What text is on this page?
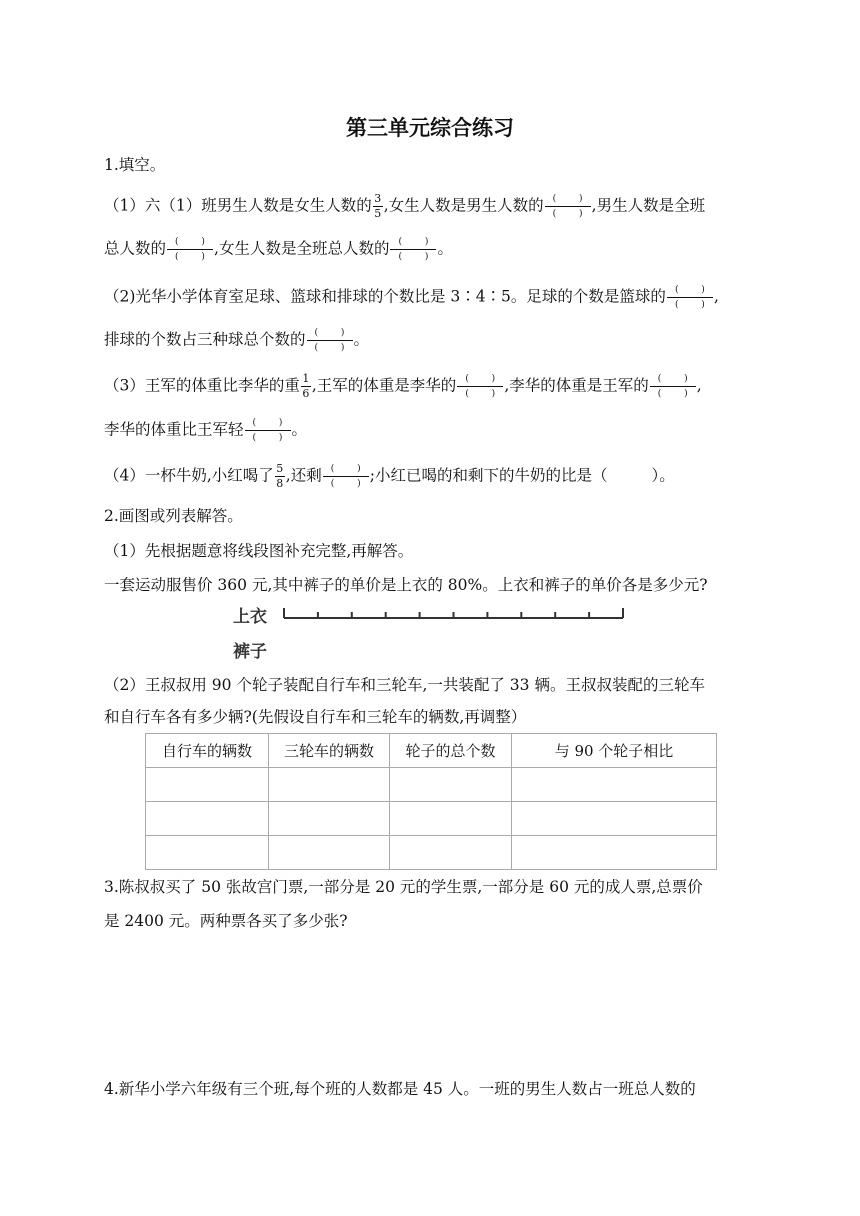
第三单元综合练习
1.填空。
（1）六（1）班男生人数是女生人数的 $\frac{3}{5}$ ,女生人数是男生人数的 $\frac{( )}{( )}$ ,男生人数是全班
总人数的 $\frac{( )}{( )}$ ,女生人数是全班总人数的 $\frac{( )}{( )}$ 。
（2)光华小学体育室足球、篮球和排球的个数比是 3∶4∶5。足球的个数是篮球的 $\frac{( )}{( )}$ ,
排球的个数占三种球总个数的 $\frac{( )}{( )}$ 。
（3）王军的体重比李华的重 $\frac{1}{6}$ ,王军的体重是李华的 $\frac{( )}{( )}$ ,李华的体重是王军的 $\frac{( )}{( )}$ ,
李华的体重比王军轻 $\frac{( )}{( )}$ 。
（4）一杯牛奶,小红喝了 $\frac{5}{8}$ ,还剩 $\frac{( )}{( )}$ ;小红已喝的和剩下的牛奶的比是（	）。
2.画图或列表解答。
（1）先根据题意将线段图补充完整,再解答。
一套运动服售价 360 元,其中裤子的单价是上衣的 80%。上衣和裤子的单价各是多少元?
上衣
裤子
（2）王叔叔用 90 个轮子装配自行车和三轮车,一共装配了 33 辆。王叔叔装配的三轮车
和自行车各有多少辆?(先假设自行车和三轮车的辆数,再调整）
自行车的辆数	三轮车的辆数	轮子的总个数	与 90 个轮子相比

3.陈叔叔买了 50 张故宫门票,一部分是 20 元的学生票,一部分是 60 元的成人票,总票价
是 2400 元。两种票各买了多少张?
4.新华小学六年级有三个班,每个班的人数都是 45 人。一班的男生人数占一班总人数的
